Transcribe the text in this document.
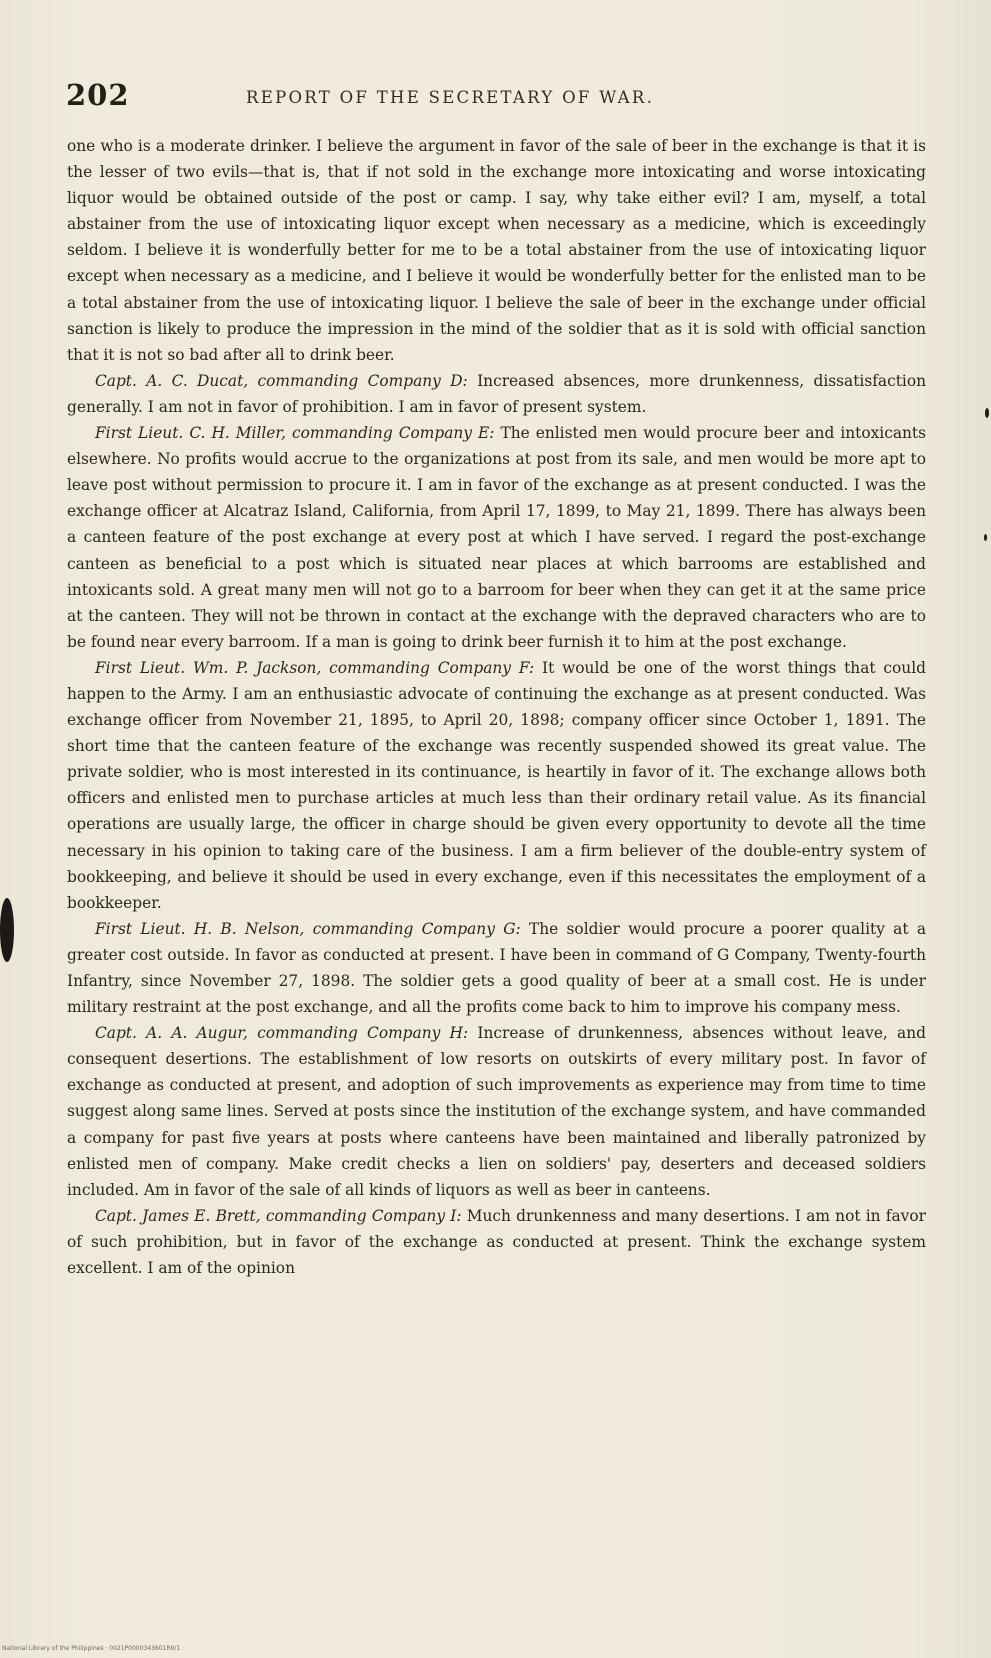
202	REPORT OF THE SECRETARY OF WAR.

one who is a moderate drinker. I believe the argument in favor of the sale of beer in the exchange is that it is the lesser of two evils—that is, that if not sold in the exchange more intoxicating and worse intoxicating liquor would be obtained outside of the post or camp. I say, why take either evil? I am, myself, a total abstainer from the use of intoxicating liquor except when necessary as a medicine, which is exceedingly seldom. I believe it is wonderfully better for me to be a total abstainer from the use of intoxicating liquor except when necessary as a medicine, and I believe it would be wonderfully better for the enlisted man to be a total abstainer from the use of intoxicating liquor. I believe the sale of beer in the exchange under official sanction is likely to produce the impression in the mind of the soldier that as it is sold with official sanction that it is not so bad after all to drink beer.

Capt. A. C. Ducat, commanding Company D: Increased absences, more drunkenness, dissatisfaction generally. I am not in favor of prohibition. I am in favor of present system.

First Lieut. C. H. Miller, commanding Company E: The enlisted men would procure beer and intoxicants elsewhere. No profits would accrue to the organizations at post from its sale, and men would be more apt to leave post without permission to procure it. I am in favor of the exchange as at present conducted. I was the exchange officer at Alcatraz Island, California, from April 17, 1899, to May 21, 1899. There has always been a canteen feature of the post exchange at every post at which I have served. I regard the post-exchange canteen as beneficial to a post which is situated near places at which barrooms are established and intoxicants sold. A great many men will not go to a barroom for beer when they can get it at the same price at the canteen. They will not be thrown in contact at the exchange with the depraved characters who are to be found near every barroom. If a man is going to drink beer furnish it to him at the post exchange.

First Lieut. Wm. P. Jackson, commanding Company F: It would be one of the worst things that could happen to the Army. I am an enthusiastic advocate of continuing the exchange as at present conducted. Was exchange officer from November 21, 1895, to April 20, 1898; company officer since October 1, 1891. The short time that the canteen feature of the exchange was recently suspended showed its great value. The private soldier, who is most interested in its continuance, is heartily in favor of it. The exchange allows both officers and enlisted men to purchase articles at much less than their ordinary retail value. As its financial operations are usually large, the officer in charge should be given every opportunity to devote all the time necessary in his opinion to taking care of the business. I am a firm believer of the double-entry system of bookkeeping, and believe it should be used in every exchange, even if this necessitates the employment of a bookkeeper.

First Lieut. H. B. Nelson, commanding Company G: The soldier would procure a poorer quality at a greater cost outside. In favor as conducted at present. I have been in command of G Company, Twenty-fourth Infantry, since November 27, 1898. The soldier gets a good quality of beer at a small cost. He is under military restraint at the post exchange, and all the profits come back to him to improve his company mess.

Capt. A. A. Augur, commanding Company H: Increase of drunkenness, absences without leave, and consequent desertions. The establishment of low resorts on outskirts of every military post. In favor of exchange as conducted at present, and adoption of such improvements as experience may from time to time suggest along same lines. Served at posts since the institution of the exchange system, and have commanded a company for past five years at posts where canteens have been maintained and liberally patronized by enlisted men of company. Make credit checks a lien on soldiers' pay, deserters and deceased soldiers included. Am in favor of the sale of all kinds of liquors as well as beer in canteens.

Capt. James E. Brett, commanding Company I: Much drunkenness and many desertions. I am not in favor of such prohibition, but in favor of the exchange as conducted at present. Think the exchange system excellent. I am of the opinion

National Library of the Philippines · 0021P0000343601R9/1
